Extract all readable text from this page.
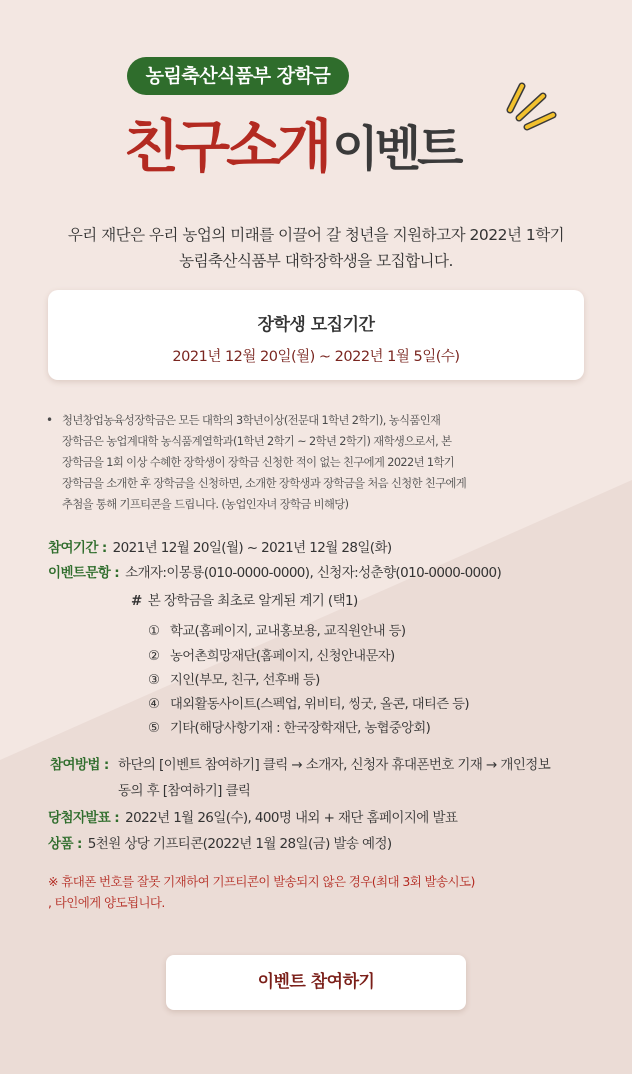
농림축산식품부 장학금
친구소개이벤트
우리 재단은 우리 농업의 미래를 이끌어 갈 청년을 지원하고자 2022년 1학기
농림축산식품부 대학장학생을 모집합니다.
장학생 모집기간
2021년 12월 20일(월) ~ 2022년 1월 5일(수)
• 청년창업농육성장학금은 모든 대학의 3학년이상(전문대 1학년 2학기), 농식품인재
장학금은 농업계대학 농식품계열학과(1학년 2학기 ~ 2학년 2학기) 재학생으로서, 본
장학금을 1회 이상 수혜한 장학생이 장학금 신청한 적이 없는 친구에게 2022년 1학기
장학금을 소개한 후 장학금을 신청하면, 소개한 장학생과 장학금을 처음 신청한 친구에게
추첨을 통해 기프티콘을 드립니다. (농업인자녀 장학금 비해당)
참여기간 : 2021년 12월 20일(월) ~ 2021년 12월 28일(화)
이벤트문항 : 소개자:이몽룡(010-0000-0000), 신청자:성춘향(010-0000-0000)
# 본 장학금을 최초로 알게된 계기 (택1)
① 학교(홈페이지, 교내홍보용, 교직원안내 등)
② 농어촌희망재단(홈페이지, 신청안내문자)
③ 지인(부모, 친구, 선후배 등)
④ 대외활동사이트(스펙업, 위비티, 씽굿, 올콘, 대티즌 등)
⑤ 기타(해당사항기재 : 한국장학재단, 농협중앙회)
참여방법 : 하단의 [이벤트 참여하기] 클릭 → 소개자, 신청자 휴대폰번호 기재 → 개인정보
동의 후 [참여하기] 클릭
당첨자발표 : 2022년 1월 26일(수), 400명 내외 + 재단 홈페이지에 발표
상품 : 5천원 상당 기프티콘(2022년 1월 28일(금) 발송 예정)
※ 휴대폰 번호를 잘못 기재하여 기프티콘이 발송되지 않은 경우(최대 3회 발송시도)
, 타인에게 양도됩니다.
이벤트 참여하기
